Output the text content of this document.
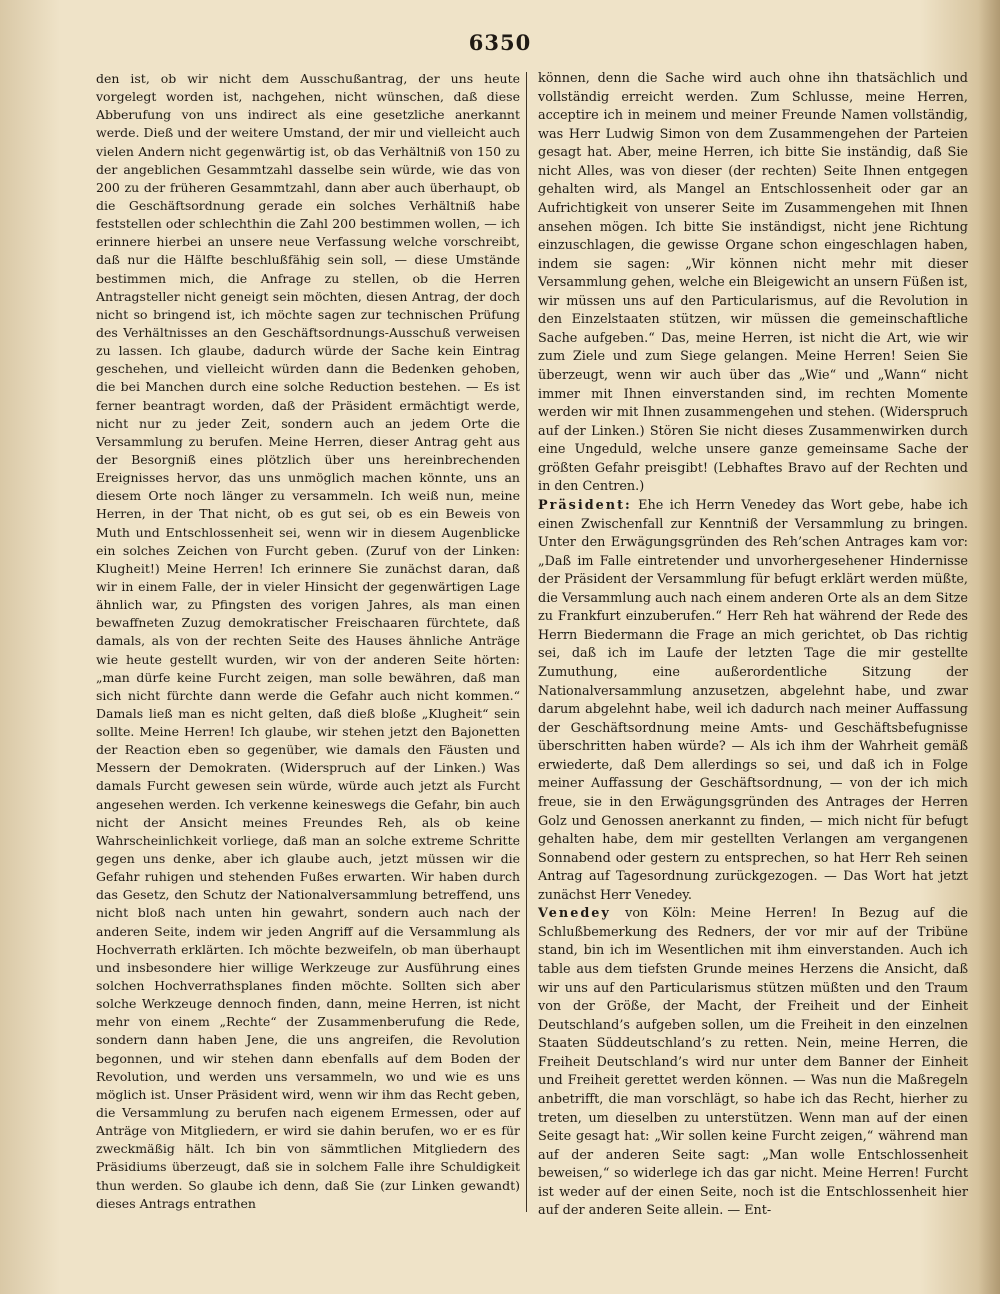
6350

den ist, ob wir nicht dem Ausschußantrag, der uns heute vorgelegt worden ist, nachgehen, nicht wünschen, daß diese Abberufung von uns indirect als eine gesetzliche anerkannt werde. Dieß und der weitere Umstand, der mir und vielleicht auch vielen Andern nicht gegenwärtig ist, ob das Verhältniß von 150 zu der angeblichen Gesammtzahl dasselbe sein würde, wie das von 200 zu der früheren Gesammtzahl, dann aber auch überhaupt, ob die Geschäftsordnung gerade ein solches Verhältniß habe feststellen oder schlechthin die Zahl 200 bestimmen wollen, — ich erinnere hierbei an unsere neue Verfassung welche vorschreibt, daß nur die Hälfte beschlußfähig sein soll, — diese Umstände bestimmen mich, die Anfrage zu stellen, ob die Herren Antragsteller nicht geneigt sein möchten, diesen Antrag, der doch nicht so bringend ist, ich möchte sagen zur technischen Prüfung des Verhältnisses an den Geschäftsordnungs-Ausschuß verweisen zu lassen. Ich glaube, dadurch würde der Sache kein Eintrag geschehen, und vielleicht würden dann die Bedenken gehoben, die bei Manchen durch eine solche Reduction bestehen. — Es ist ferner beantragt worden, daß der Präsident ermächtigt werde, nicht nur zu jeder Zeit, sondern auch an jedem Orte die Versammlung zu berufen. Meine Herren, dieser Antrag geht aus der Besorgniß eines plötzlich über uns hereinbrechenden Ereignisses hervor, das uns unmöglich machen könnte, uns an diesem Orte noch länger zu versammeln. Ich weiß nun, meine Herren, in der That nicht, ob es gut sei, ob es ein Beweis von Muth und Entschlossenheit sei, wenn wir in diesem Augenblicke ein solches Zeichen von Furcht geben. (Zuruf von der Linken: Klugheit!) Meine Herren! Ich erinnere Sie zunächst daran, daß wir in einem Falle, der in vieler Hinsicht der gegenwärtigen Lage ähnlich war, zu Pfingsten des vorigen Jahres, als man einen bewaffneten Zuzug demokratischer Freischaaren fürchtete, daß damals, als von der rechten Seite des Hauses ähnliche Anträge wie heute gestellt wurden, wir von der anderen Seite hörten: „man dürfe keine Furcht zeigen, man solle bewähren, daß man sich nicht fürchte dann werde die Gefahr auch nicht kommen.“ Damals ließ man es nicht gelten, daß dieß bloße „Klugheit“ sein sollte. Meine Herren! Ich glaube, wir stehen jetzt den Bajonetten der Reaction eben so gegenüber, wie damals den Fäusten und Messern der Demokraten. (Widerspruch auf der Linken.) Was damals Furcht gewesen sein würde, würde auch jetzt als Furcht angesehen werden. Ich verkenne keineswegs die Gefahr, bin auch nicht der Ansicht meines Freundes Reh, als ob keine Wahrscheinlichkeit vorliege, daß man an solche extreme Schritte gegen uns denke, aber ich glaube auch, jetzt müssen wir die Gefahr ruhigen und stehenden Fußes erwarten. Wir haben durch das Gesetz, den Schutz der Nationalversammlung betreffend, uns nicht bloß nach unten hin gewahrt, sondern auch nach der anderen Seite, indem wir jeden Angriff auf die Versammlung als Hochverrath erklärten. Ich möchte bezweifeln, ob man überhaupt und insbesondere hier willige Werkzeuge zur Ausführung eines solchen Hochverrathsplanes finden möchte. Sollten sich aber solche Werkzeuge dennoch finden, dann, meine Herren, ist nicht mehr von einem „Rechte“ der Zusammenberufung die Rede, sondern dann haben Jene, die uns angreifen, die Revolution begonnen, und wir stehen dann ebenfalls auf dem Boden der Revolution, und werden uns versammeln, wo und wie es uns möglich ist. Unser Präsident wird, wenn wir ihm das Recht geben, die Versammlung zu berufen nach eigenem Ermessen, oder auf Anträge von Mitgliedern, er wird sie dahin berufen, wo er es für zweckmäßig hält. Ich bin von sämmtlichen Mitgliedern des Präsidiums überzeugt, daß sie in solchem Falle ihre Schuldigkeit thun werden. So glaube ich denn, daß Sie (zur Linken gewandt) dieses Antrags entrathen

können, denn die Sache wird auch ohne ihn thatsächlich und vollständig erreicht werden. Zum Schlusse, meine Herren, acceptire ich in meinem und meiner Freunde Namen vollständig, was Herr Ludwig Simon von dem Zusammengehen der Parteien gesagt hat. Aber, meine Herren, ich bitte Sie inständig, daß Sie nicht Alles, was von dieser (der rechten) Seite Ihnen entgegen gehalten wird, als Mangel an Entschlossenheit oder gar an Aufrichtigkeit von unserer Seite im Zusammengehen mit Ihnen ansehen mögen. Ich bitte Sie inständigst, nicht jene Richtung einzuschlagen, die gewisse Organe schon eingeschlagen haben, indem sie sagen: „Wir können nicht mehr mit dieser Versammlung gehen, welche ein Bleigewicht an unsern Füßen ist, wir müssen uns auf den Particularismus, auf die Revolution in den Einzelstaaten stützen, wir müssen die gemeinschaftliche Sache aufgeben.“ Das, meine Herren, ist nicht die Art, wie wir zum Ziele und zum Siege gelangen. Meine Herren! Seien Sie überzeugt, wenn wir auch über das „Wie“ und „Wann“ nicht immer mit Ihnen einverstanden sind, im rechten Momente werden wir mit Ihnen zusammengehen und stehen. (Widerspruch auf der Linken.) Stören Sie nicht dieses Zusammenwirken durch eine Ungeduld, welche unsere ganze gemeinsame Sache der größten Gefahr preisgibt! (Lebhaftes Bravo auf der Rechten und in den Centren.)

Präsident: Ehe ich Herrn Venedey das Wort gebe, habe ich einen Zwischenfall zur Kenntniß der Versammlung zu bringen. Unter den Erwägungsgründen des Reh’schen Antrages kam vor: „Daß im Falle eintretender und unvorhergesehener Hindernisse der Präsident der Versammlung für befugt erklärt werden müßte, die Versammlung auch nach einem anderen Orte als an dem Sitze zu Frankfurt einzuberufen.“ Herr Reh hat während der Rede des Herrn Biedermann die Frage an mich gerichtet, ob Das richtig sei, daß ich im Laufe der letzten Tage die mir gestellte Zumuthung, eine außerordentliche Sitzung der Nationalversammlung anzusetzen, abgelehnt habe, und zwar darum abgelehnt habe, weil ich dadurch nach meiner Auffassung der Geschäftsordnung meine Amts- und Geschäftsbefugnisse überschritten haben würde? — Als ich ihm der Wahrheit gemäß erwiederte, daß Dem allerdings so sei, und daß ich in Folge meiner Auffassung der Geschäftsordnung, — von der ich mich freue, sie in den Erwägungsgründen des Antrages der Herren Golz und Genossen anerkannt zu finden, — mich nicht für befugt gehalten habe, dem mir gestellten Verlangen am vergangenen Sonnabend oder gestern zu entsprechen, so hat Herr Reh seinen Antrag auf Tagesordnung zurückgezogen. — Das Wort hat jetzt zunächst Herr Venedey.

Venedey von Köln: Meine Herren! In Bezug auf die Schlußbemerkung des Redners, der vor mir auf der Tribüne stand, bin ich im Wesentlichen mit ihm einverstanden. Auch ich table aus dem tiefsten Grunde meines Herzens die Ansicht, daß wir uns auf den Particularismus stützen müßten und den Traum von der Größe, der Macht, der Freiheit und der Einheit Deutschland’s aufgeben sollen, um die Freiheit in den einzelnen Staaten Süddeutschland’s zu retten. Nein, meine Herren, die Freiheit Deutschland’s wird nur unter dem Banner der Einheit und Freiheit gerettet werden können. — Was nun die Maßregeln anbetrifft, die man vorschlägt, so habe ich das Recht, hierher zu treten, um dieselben zu unterstützen. Wenn man auf der einen Seite gesagt hat: „Wir sollen keine Furcht zeigen,“ während man auf der anderen Seite sagt: „Man wolle Entschlossenheit beweisen,“ so widerlege ich das gar nicht. Meine Herren! Furcht ist weder auf der einen Seite, noch ist die Entschlossenheit hier auf der anderen Seite allein. — Ent-
